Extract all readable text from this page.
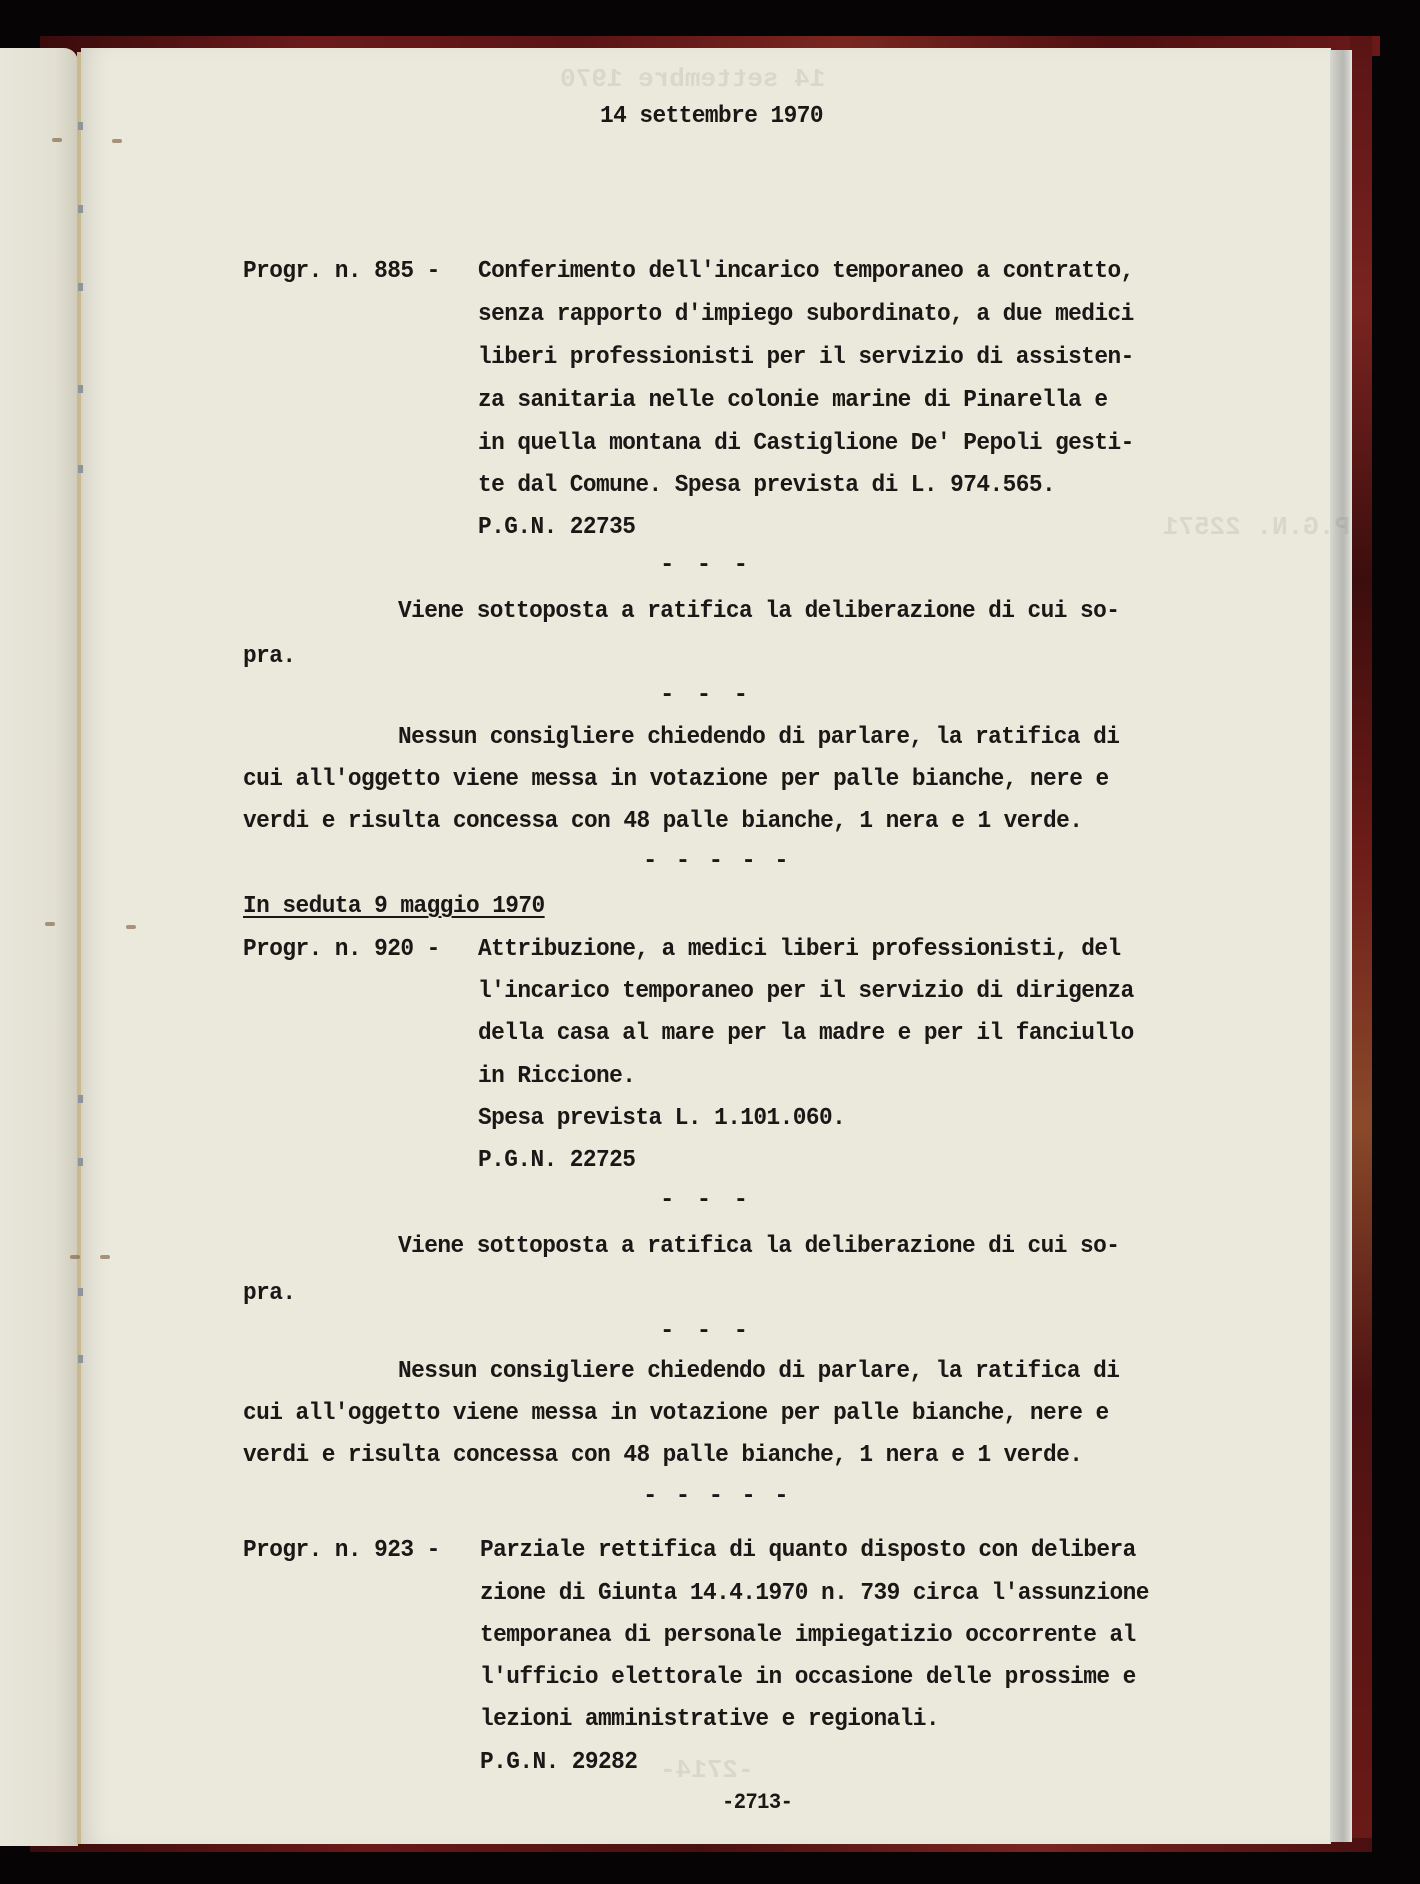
14 settembre 1970
P.G.N. 22571
-2714-
14 settembre 1970
Progr. n. 885 - Conferimento dell'incarico temporaneo a contratto,
senza rapporto d'impiego subordinato, a due medici
liberi professionisti per il servizio di assisten-
za sanitaria nelle colonie marine di Pinarella e
in quella montana di Castiglione De' Pepoli gesti-
te dal Comune. Spesa prevista di L. 974.565.
P.G.N. 22735
- - -
Viene sottoposta a ratifica la deliberazione di cui so-
pra.
- - -
Nessun consigliere chiedendo di parlare, la ratifica di
cui all'oggetto viene messa in votazione per palle bianche, nere e
verdi e risulta concessa con 48 palle bianche, 1 nera e 1 verde.
- - - - -
In seduta 9 maggio 1970
Progr. n. 920 - Attribuzione, a medici liberi professionisti, del
l'incarico temporaneo per il servizio di dirigenza
della casa al mare per la madre e per il fanciullo
in Riccione.
Spesa prevista L. 1.101.060.
P.G.N. 22725
- - -
Viene sottoposta a ratifica la deliberazione di cui so-
pra.
- - -
Nessun consigliere chiedendo di parlare, la ratifica di
cui all'oggetto viene messa in votazione per palle bianche, nere e
verdi e risulta concessa con 48 palle bianche, 1 nera e 1 verde.
- - - - -
Progr. n. 923 - Parziale rettifica di quanto disposto con delibera
zione di Giunta 14.4.1970 n. 739 circa l'assunzione
temporanea di personale impiegatizio occorrente al
l'ufficio elettorale in occasione delle prossime e
lezioni amministrative e regionali.
P.G.N. 29282
-2713-
